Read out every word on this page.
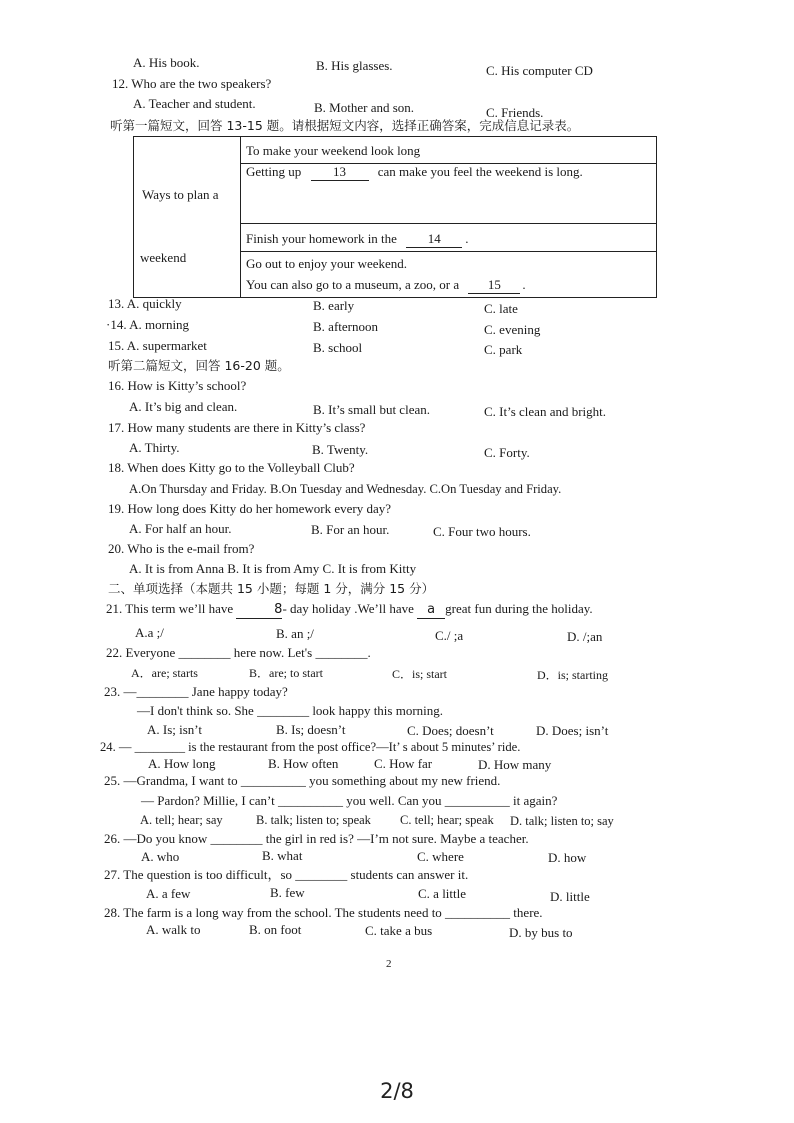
A. His book.	B. His glasses.	C. His computer CD
12. Who are the two speakers?
A. Teacher and student.	B. Mother and son.	C. Friends.
听第一篇短文，回答 13-15 题。请根据短文内容，选择正确答案，完成信息记录表。
Ways to plan a
weekend
To make your weekend look long
Getting up 13 can make you feel the weekend is long.
Finish your homework in the 14 .
Go out to enjoy your weekend.
You can also go to a museum, a zoo, or a 15 .
13. A. quickly	B. early	C. late
·14. A. morning	B. afternoon	C. evening
15. A. supermarket	B. school	C. park
听第二篇短文，回答 16-20 题。
16. How is Kitty’s school?
A. It’s big and clean.	B. It’s small but clean.	C. It’s clean and bright.
17. How many students are there in Kitty’s class?
A. Thirty.	B. Twenty.	C. Forty.
18. When does Kitty go to the Volleyball Club?
A.On Thursday and Friday. B.On Tuesday and Wednesday. C.On Tuesday and Friday.
19. How long does Kitty do her homework every day?
A. For half an hour.	B. For an hour.	C. Four two hours.
20. Who is the e-mail from?
A. It is from Anna B. It is from Amy C. It is from Kitty
二、单项选择（本题共 15 小题；每题 1 分，满分 15 分）
21. This term we’ll have	8- day holiday .We’ll have a great fun during the holiday.
A.a ;/	B. an ;/	C./ ;a	D. /;an
22. Everyone ________ here now. Let's ________.
A．are; starts	B．are; to start	C．is; start	D．is; starting
23. —________ Jane happy today?
—I don't think so. She ________ look happy this morning.
A. Is; isn’t	B. Is; doesn’t	C. Does; doesn’t	D. Does; isn’t
24. — ________ is the restaurant from the post office?—It’ s about 5 minutes’ ride.
A. How long	B. How often	C. How far	D. How many
25. —Grandma, I want to __________ you something about my new friend.
— Pardon? Millie, I can’t __________ you well. Can you __________ it again?
A. tell; hear; say	B. talk; listen to; speak C. tell; hear; speak D. talk; listen to; say
26. —Do you know ________ the girl in red is? —I’m not sure. Maybe a teacher.
A. who	B. what	C. where	D. how
27. The question is too difficult，so ________ students can answer it.
A. a few	B. few	C. a little	D. little
28. The farm is a long way from the school. The students need to __________ there.
A. walk to	B. on foot	C. take a bus	D. by bus to
2
2/8
